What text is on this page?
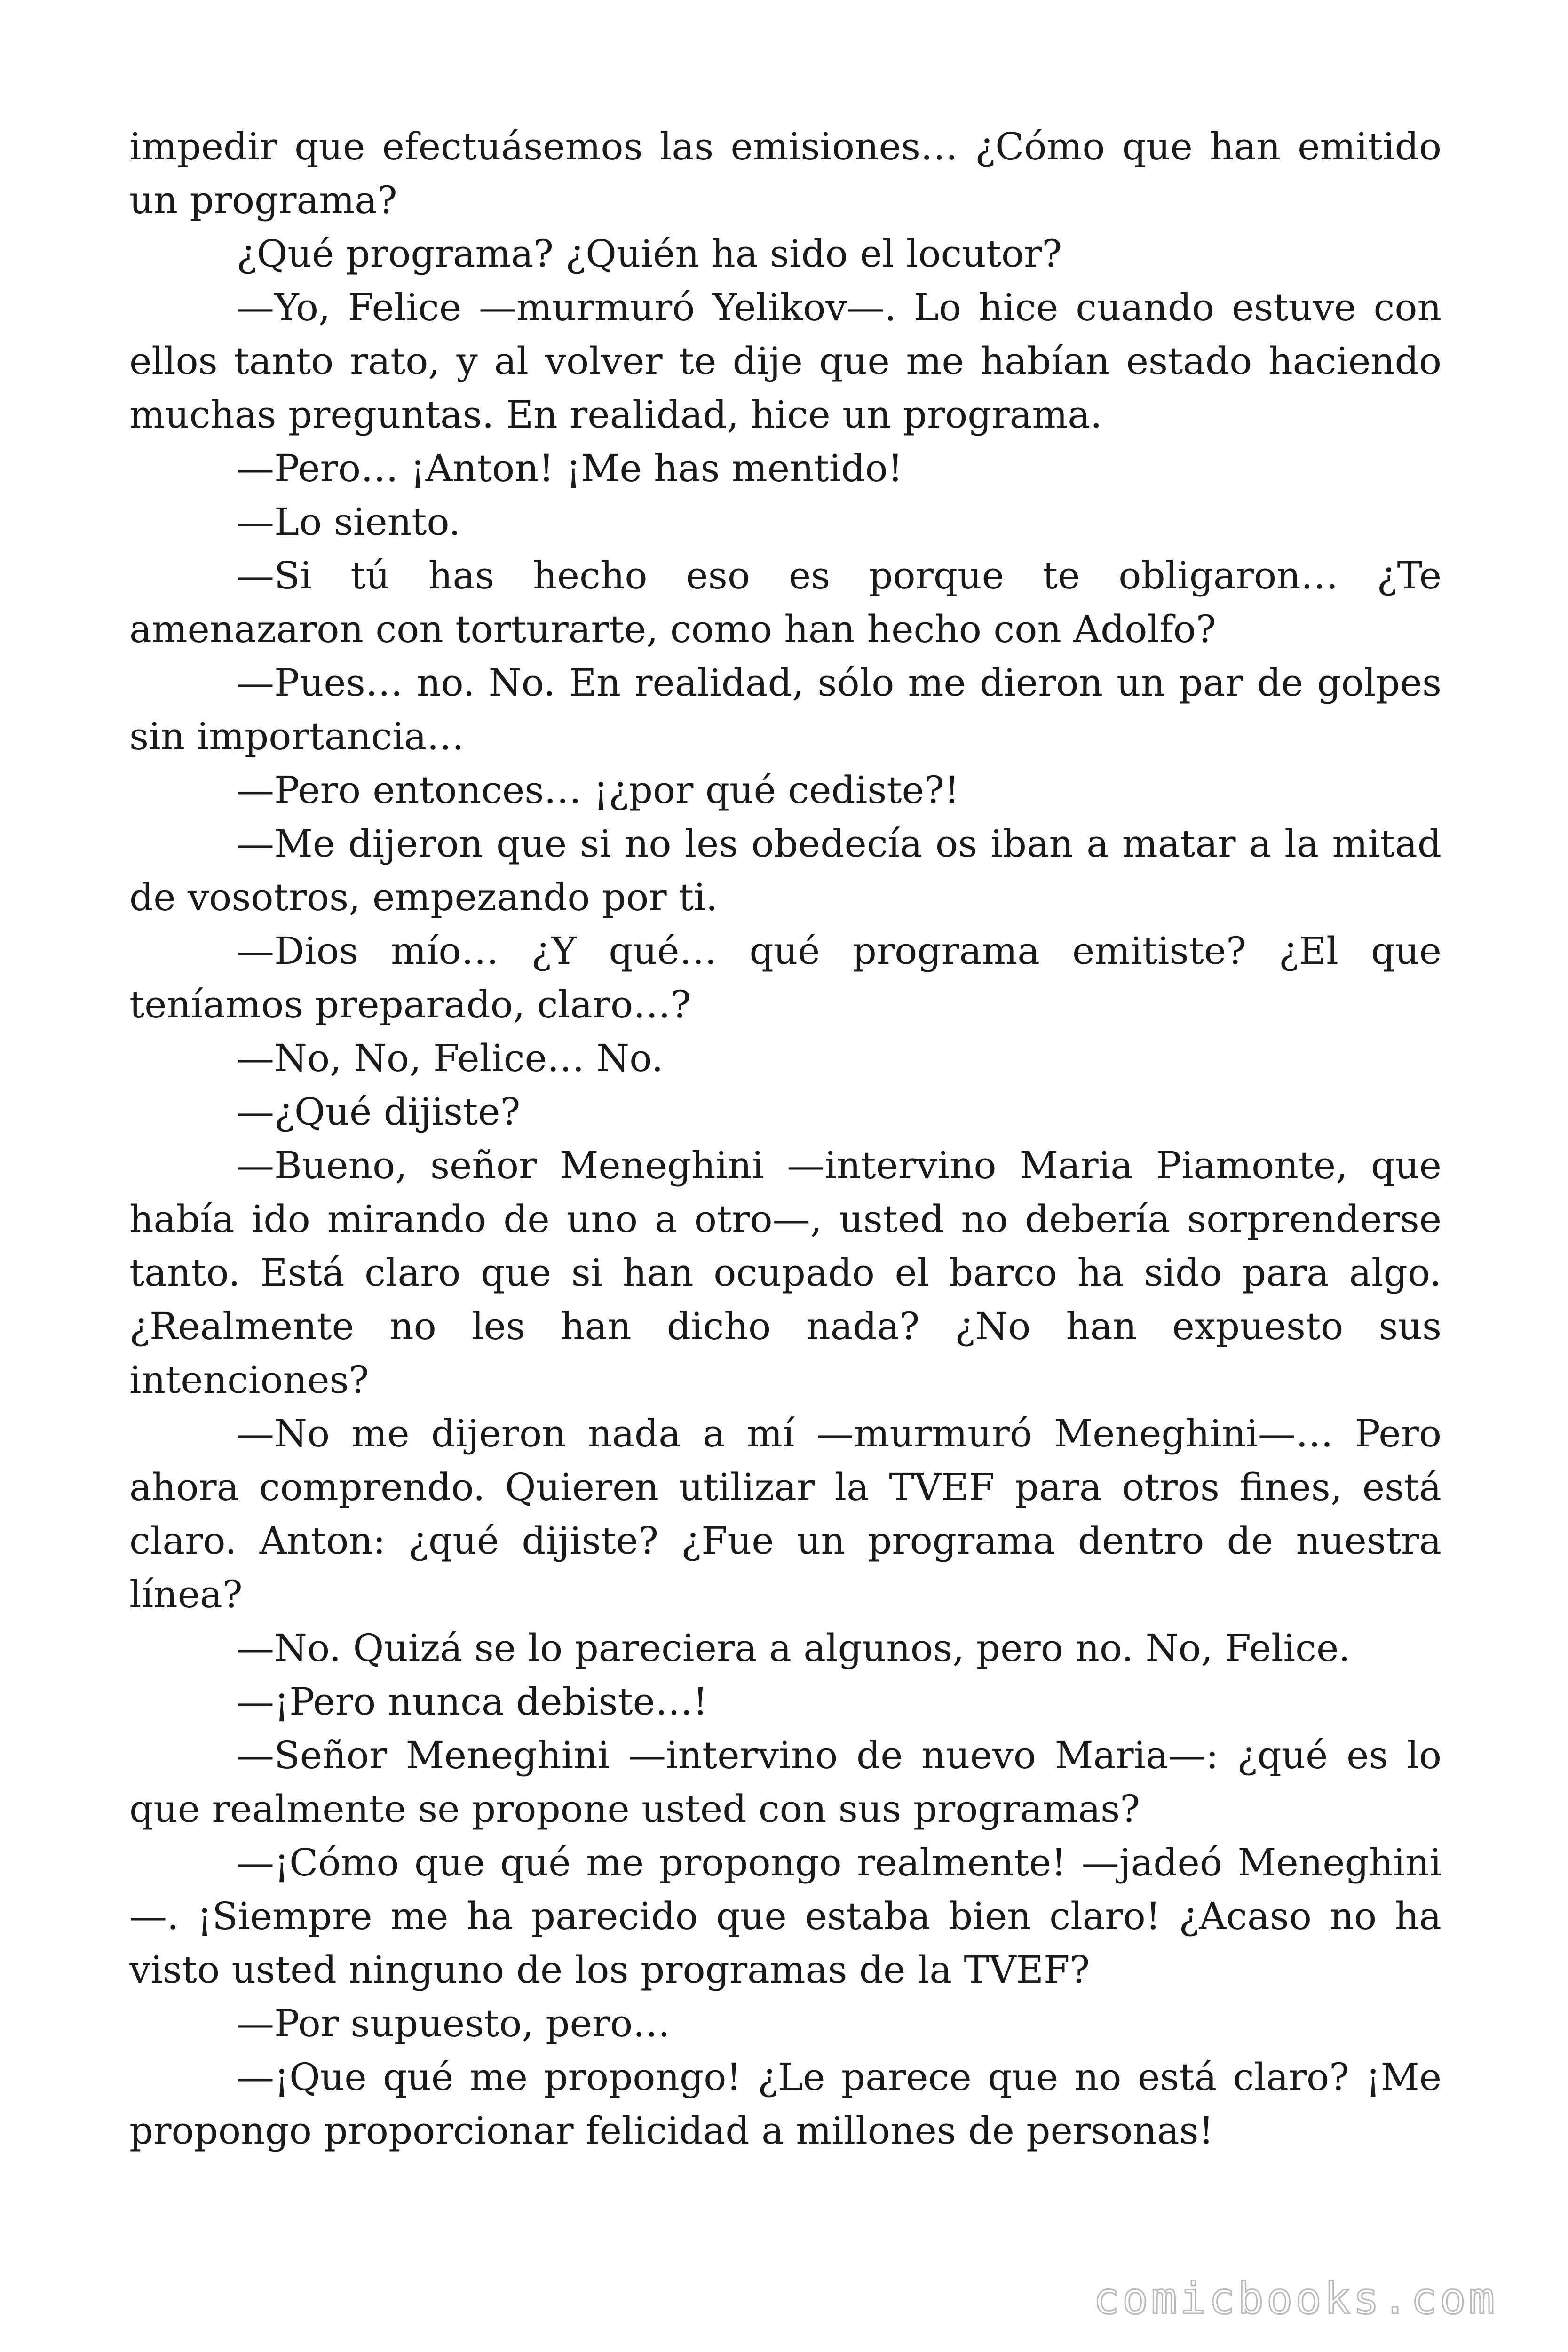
impedir que efectuásemos las emisiones… ¿Cómo que han emitido un programa?

¿Qué programa? ¿Quién ha sido el locutor?

—Yo, Felice —murmuró Yelikov—. Lo hice cuando estuve con ellos tanto rato, y al volver te dije que me habían estado haciendo muchas preguntas. En realidad, hice un programa.

—Pero… ¡Anton! ¡Me has mentido!

—Lo siento.

—Si tú has hecho eso es porque te obligaron… ¿Te amenazaron con torturarte, como han hecho con Adolfo?

—Pues… no. No. En realidad, sólo me dieron un par de golpes sin importancia…

—Pero entonces… ¡¿por qué cediste?!

—Me dijeron que si no les obedecía os iban a matar a la mitad de vosotros, empezando por ti.

—Dios mío… ¿Y qué… qué programa emitiste? ¿El que teníamos preparado, claro…?

—No, No, Felice… No.

—¿Qué dijiste?

—Bueno, señor Meneghini —intervino Maria Piamonte, que había ido mirando de uno a otro—, usted no debería sorprenderse tanto. Está claro que si han ocupado el barco ha sido para algo. ¿Realmente no les han dicho nada? ¿No han expuesto sus intenciones?

—No me dijeron nada a mí —murmuró Meneghini—… Pero ahora comprendo. Quieren utilizar la TVEF para otros fines, está claro. Anton: ¿qué dijiste? ¿Fue un programa dentro de nuestra línea?

—No. Quizá se lo pareciera a algunos, pero no. No, Felice.

—¡Pero nunca debiste…!

—Señor Meneghini —intervino de nuevo Maria—: ¿qué es lo que realmente se propone usted con sus programas?

—¡Cómo que qué me propongo realmente! —jadeó Meneghini —. ¡Siempre me ha parecido que estaba bien claro! ¿Acaso no ha visto usted ninguno de los programas de la TVEF?

—Por supuesto, pero…

—¡Que qué me propongo! ¿Le parece que no está claro? ¡Me propongo proporcionar felicidad a millones de personas!

comicbooks.com
